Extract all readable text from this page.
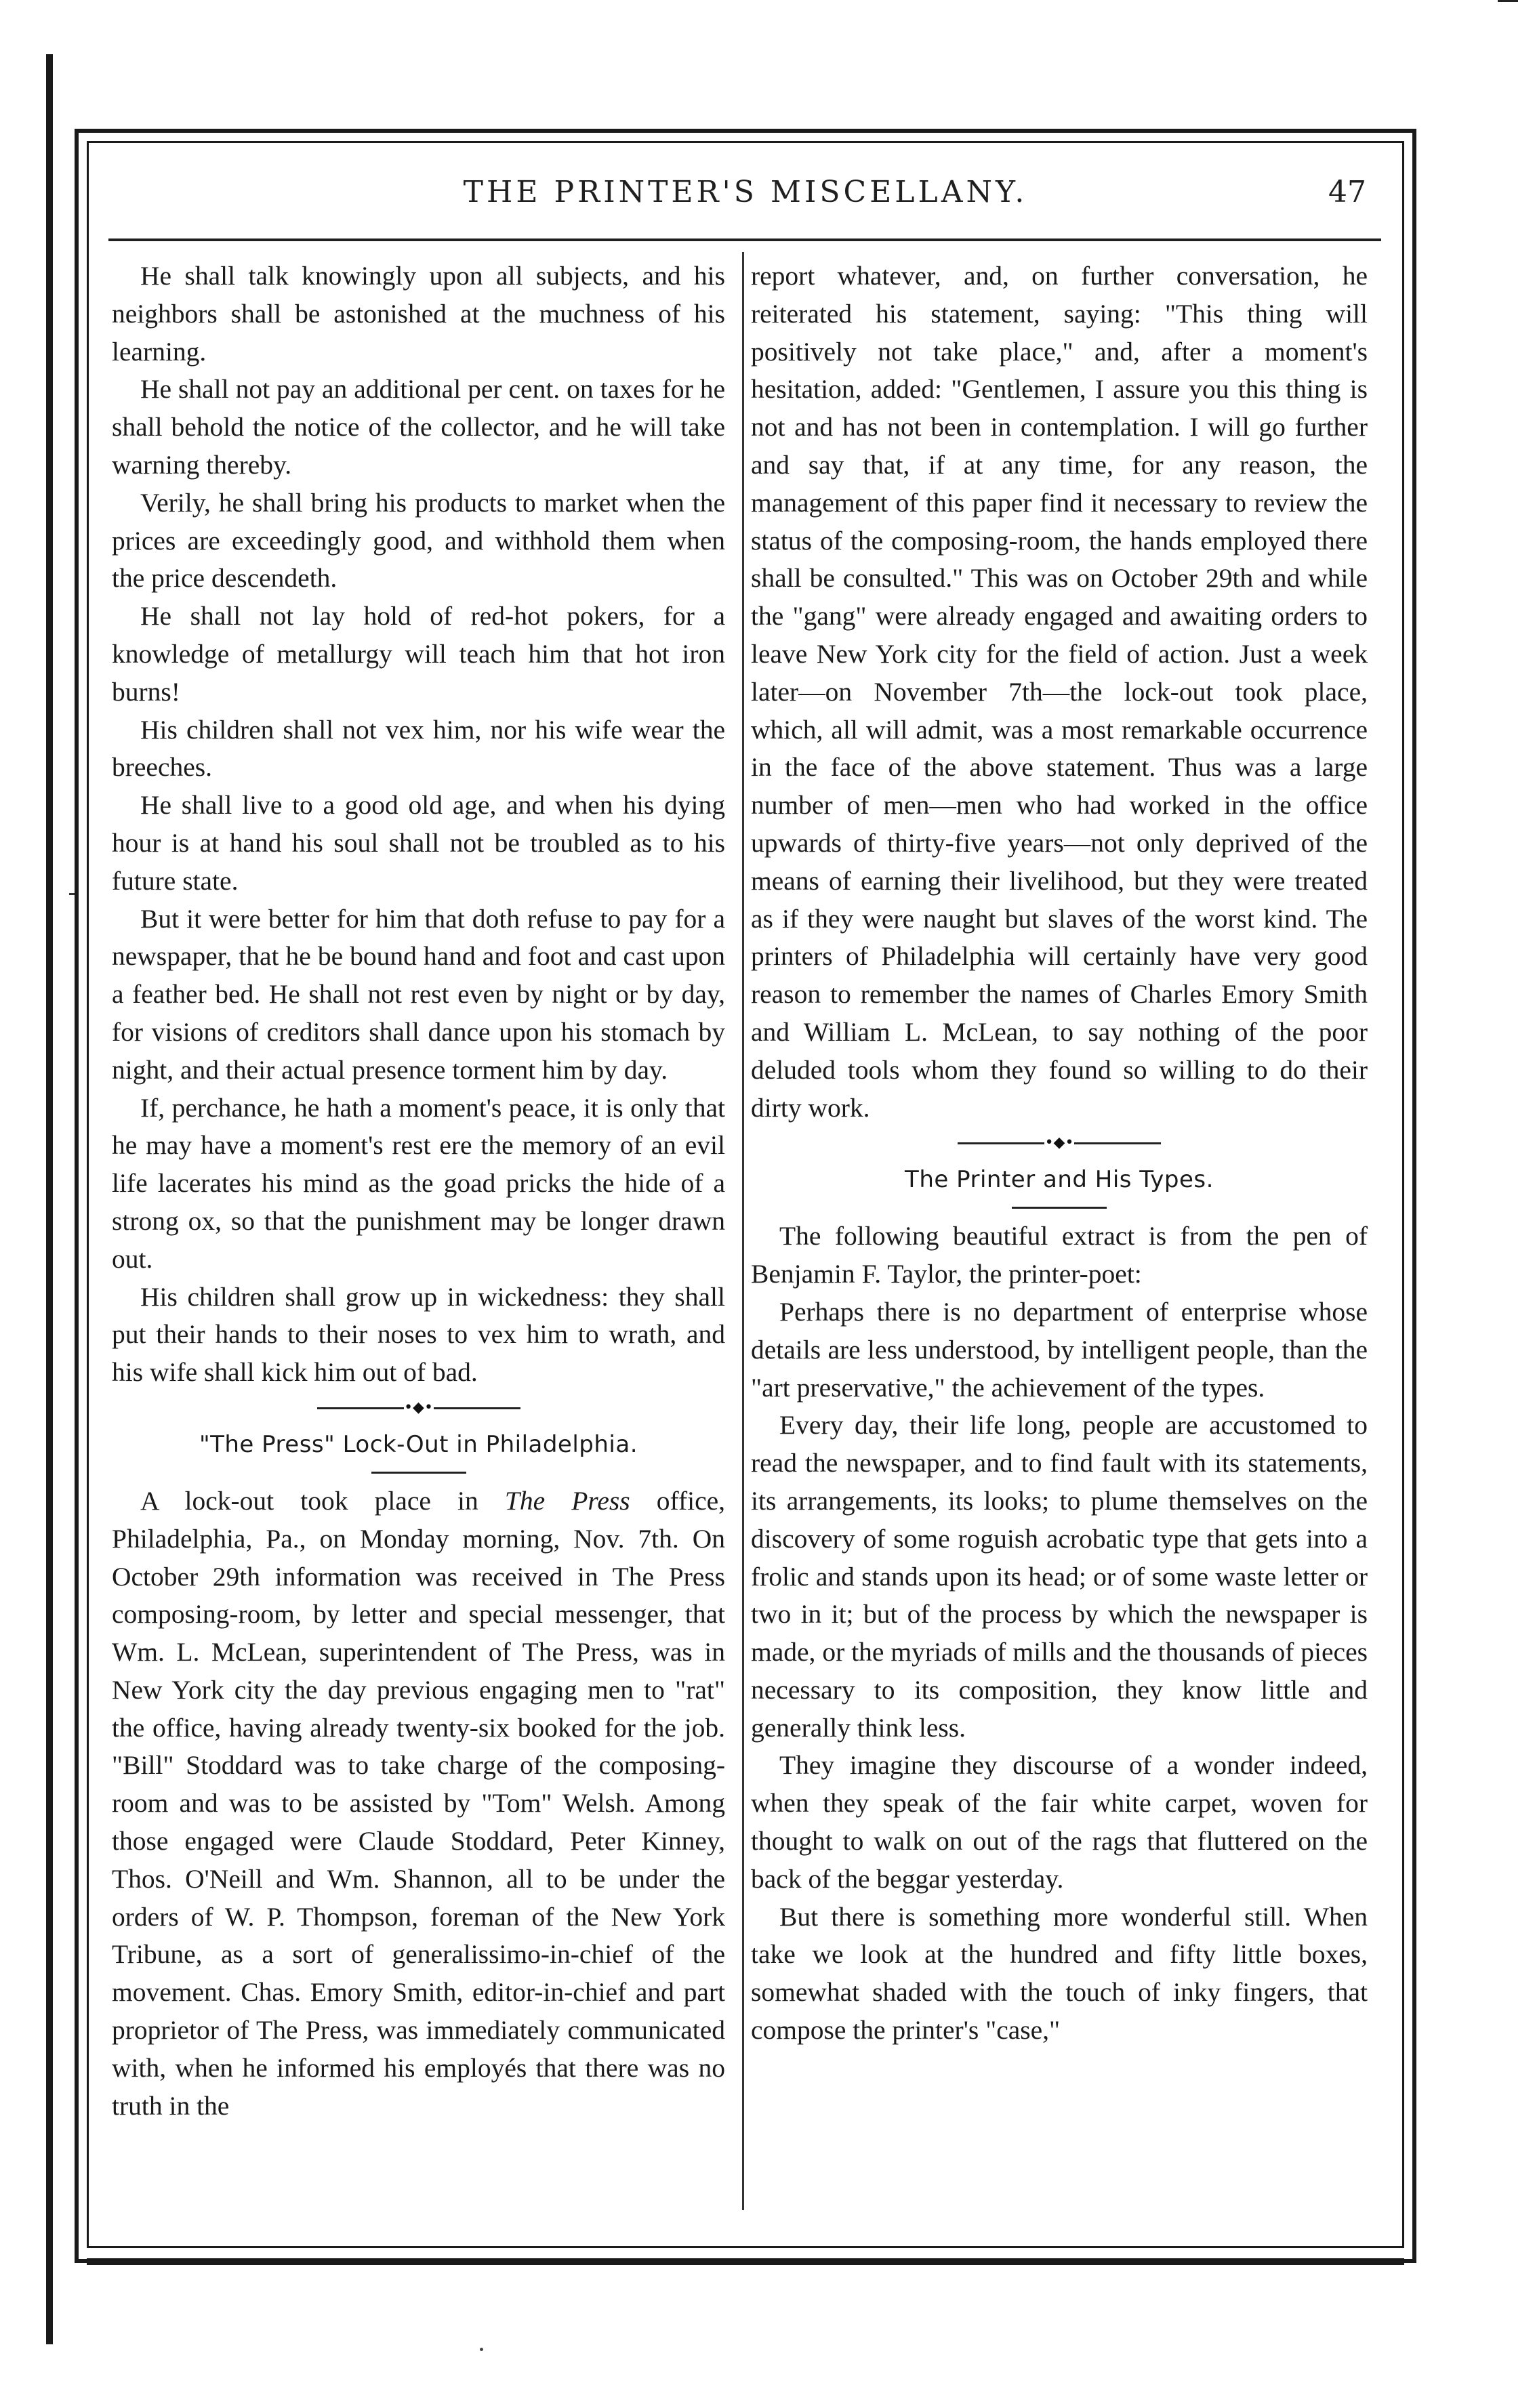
THE PRINTER'S MISCELLANY.	47

He shall talk knowingly upon all subjects, and his neighbors shall be astonished at the muchness of his learning.

He shall not pay an additional per cent. on taxes for he shall behold the notice of the collector, and he will take warning thereby.

Verily, he shall bring his products to market when the prices are exceedingly good, and withhold them when the price descendeth.

He shall not lay hold of red-hot pokers, for a knowledge of metallurgy will teach him that hot iron burns!

His children shall not vex him, nor his wife wear the breeches.

He shall live to a good old age, and when his dying hour is at hand his soul shall not be troubled as to his future state.

But it were better for him that doth refuse to pay for a newspaper, that he be bound hand and foot and cast upon a feather bed. He shall not rest even by night or by day, for visions of creditors shall dance upon his stomach by night, and their actual presence torment him by day.

If, perchance, he hath a moment's peace, it is only that he may have a moment's rest ere the memory of an evil life lacerates his mind as the goad pricks the hide of a strong ox, so that the punishment may be longer drawn out.

His children shall grow up in wickedness: they shall put their hands to their noses to vex him to wrath, and his wife shall kick him out of bad.

•◆•
"The Press" Lock-Out in Philadelphia.

A lock-out took place in The Press office, Philadelphia, Pa., on Monday morning, Nov. 7th. On October 29th information was received in The Press composing-room, by letter and special messenger, that Wm. L. McLean, superintendent of The Press, was in New York city the day previous engaging men to "rat" the office, having already twenty-six booked for the job. "Bill" Stoddard was to take charge of the composing-room and was to be assisted by "Tom" Welsh. Among those engaged were Claude Stoddard, Peter Kinney, Thos. O'Neill and Wm. Shannon, all to be under the orders of W. P. Thompson, foreman of the New York Tribune, as a sort of generalissimo-in-chief of the movement. Chas. Emory Smith, editor-in-chief and part proprietor of The Press, was immediately communicated with, when he informed his employés that there was no truth in the

report whatever, and, on further conversation, he reiterated his statement, saying: "This thing will positively not take place," and, after a moment's hesitation, added: "Gentlemen, I assure you this thing is not and has not been in contemplation. I will go further and say that, if at any time, for any reason, the management of this paper find it necessary to review the status of the composing-room, the hands employed there shall be consulted." This was on October 29th and while the "gang" were already engaged and awaiting orders to leave New York city for the field of action. Just a week later—on November 7th—the lock-out took place, which, all will admit, was a most remarkable occurrence in the face of the above statement. Thus was a large number of men—men who had worked in the office upwards of thirty-five years—not only deprived of the means of earning their livelihood, but they were treated as if they were naught but slaves of the worst kind. The printers of Philadelphia will certainly have very good reason to remember the names of Charles Emory Smith and William L. McLean, to say nothing of the poor deluded tools whom they found so willing to do their dirty work.

•◆•
The Printer and His Types.

The following beautiful extract is from the pen of Benjamin F. Taylor, the printer-poet:

Perhaps there is no department of enterprise whose details are less understood, by intelligent people, than the "art preservative," the achievement of the types.

Every day, their life long, people are accustomed to read the newspaper, and to find fault with its statements, its arrangements, its looks; to plume themselves on the discovery of some roguish acrobatic type that gets into a frolic and stands upon its head; or of some waste letter or two in it; but of the process by which the newspaper is made, or the myriads of mills and the thousands of pieces necessary to its composition, they know little and generally think less.

They imagine they discourse of a wonder indeed, when they speak of the fair white carpet, woven for thought to walk on out of the rags that fluttered on the back of the beggar yesterday.

But there is something more wonderful still. When take we look at the hundred and fifty little boxes, somewhat shaded with the touch of inky fingers, that compose the printer's "case,"
